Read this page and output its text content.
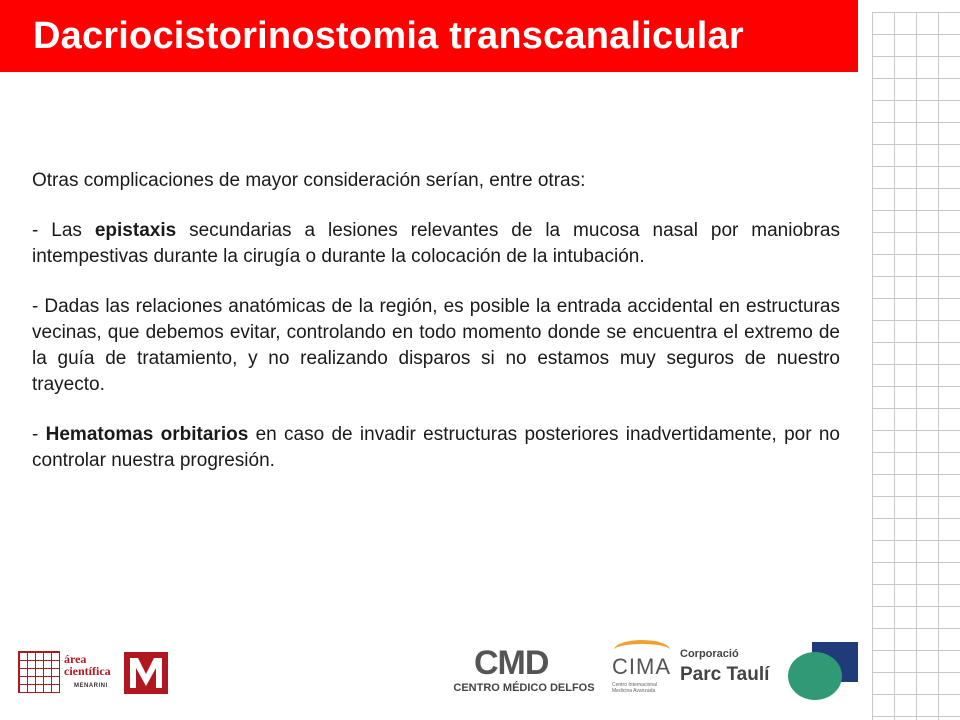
Dacriocistorinostomia transcanalicular

Otras complicaciones de mayor consideración serían, entre otras:

- Las epistaxis secundarias a lesiones relevantes de la mucosa nasal por maniobras intempestivas durante la cirugía o durante la colocación de la intubación.

- Dadas las relaciones anatómicas de la región, es posible la entrada accidental en estructuras vecinas, que debemos evitar, controlando en todo momento donde se encuentra el extremo de la guía de tratamiento, y no realizando disparos si no estamos muy seguros de nuestro trayecto.

- Hematomas orbitarios en caso de invadir estructuras posteriores inadvertidamente, por no controlar nuestra progresión.

área
científica
MENARINI
CMD
CENTRO MÉDICO DELFOS
CIMA
Centro Internacional Medicina Avanzada
Corporació
Parc Taulí
